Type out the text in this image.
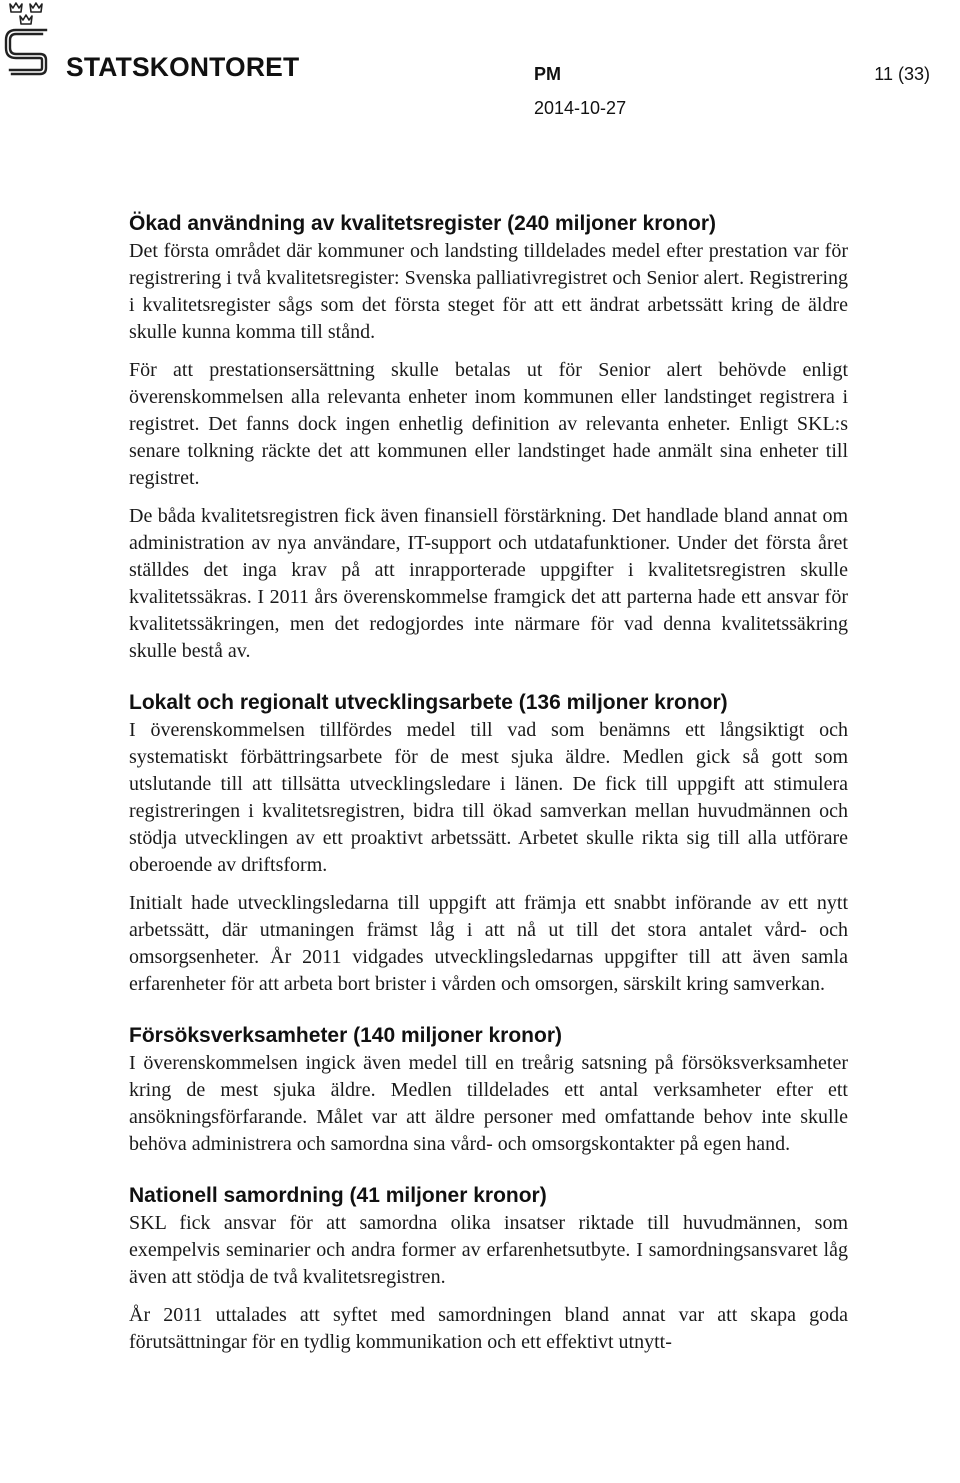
STATSKONTORET	PM	11 (33)
2014-10-27
Ökad användning av kvalitetsregister (240 miljoner kronor)

Det första området där kommuner och landsting tilldelades medel efter prestation var för registrering i två kvalitetsregister: Svenska palliativregistret och Senior alert. Registrering i kvalitetsregister sågs som det första steget för att ett ändrat arbetssätt kring de äldre skulle kunna komma till stånd.

För att prestationsersättning skulle betalas ut för Senior alert behövde enligt överenskommelsen alla relevanta enheter inom kommunen eller landstinget registrera i registret. Det fanns dock ingen enhetlig definition av relevanta enheter. Enligt SKL:s senare tolkning räckte det att kommunen eller landstinget hade anmält sina enheter till registret.

De båda kvalitetsregistren fick även finansiell förstärkning. Det handlade bland annat om administration av nya användare, IT-support och utdatafunktioner. Under det första året ställdes det inga krav på att inrapporterade uppgifter i kvalitetsregistren skulle kvalitetssäkras. I 2011 års överenskommelse framgick det att parterna hade ett ansvar för kvalitetssäkringen, men det redogjordes inte närmare för vad denna kvalitetssäkring skulle bestå av.

Lokalt och regionalt utvecklingsarbete (136 miljoner kronor)

I överenskommelsen tillfördes medel till vad som benämns ett långsiktigt och systematiskt förbättringsarbete för de mest sjuka äldre. Medlen gick så gott som utslutande till att tillsätta utvecklingsledare i länen. De fick till uppgift att stimulera registreringen i kvalitetsregistren, bidra till ökad samverkan mellan huvudmännen och stödja utvecklingen av ett proaktivt arbetssätt. Arbetet skulle rikta sig till alla utförare oberoende av driftsform.

Initialt hade utvecklingsledarna till uppgift att främja ett snabbt införande av ett nytt arbetssätt, där utmaningen främst låg i att nå ut till det stora antalet vård- och omsorgsenheter. År 2011 vidgades utvecklingsledarnas uppgifter till att även samla erfarenheter för att arbeta bort brister i vården och omsorgen, särskilt kring samverkan.

Försöksverksamheter (140 miljoner kronor)

I överenskommelsen ingick även medel till en treårig satsning på försöksverksamheter kring de mest sjuka äldre. Medlen tilldelades ett antal verksamheter efter ett ansökningsförfarande. Målet var att äldre personer med omfattande behov inte skulle behöva administrera och samordna sina vård- och omsorgskontakter på egen hand.

Nationell samordning (41 miljoner kronor)

SKL fick ansvar för att samordna olika insatser riktade till huvudmännen, som exempelvis seminarier och andra former av erfarenhetsutbyte. I samordningsansvaret låg även att stödja de två kvalitetsregistren.

År 2011 uttalades att syftet med samordningen bland annat var att skapa goda förutsättningar för en tydlig kommunikation och ett effektivt utnytt-
